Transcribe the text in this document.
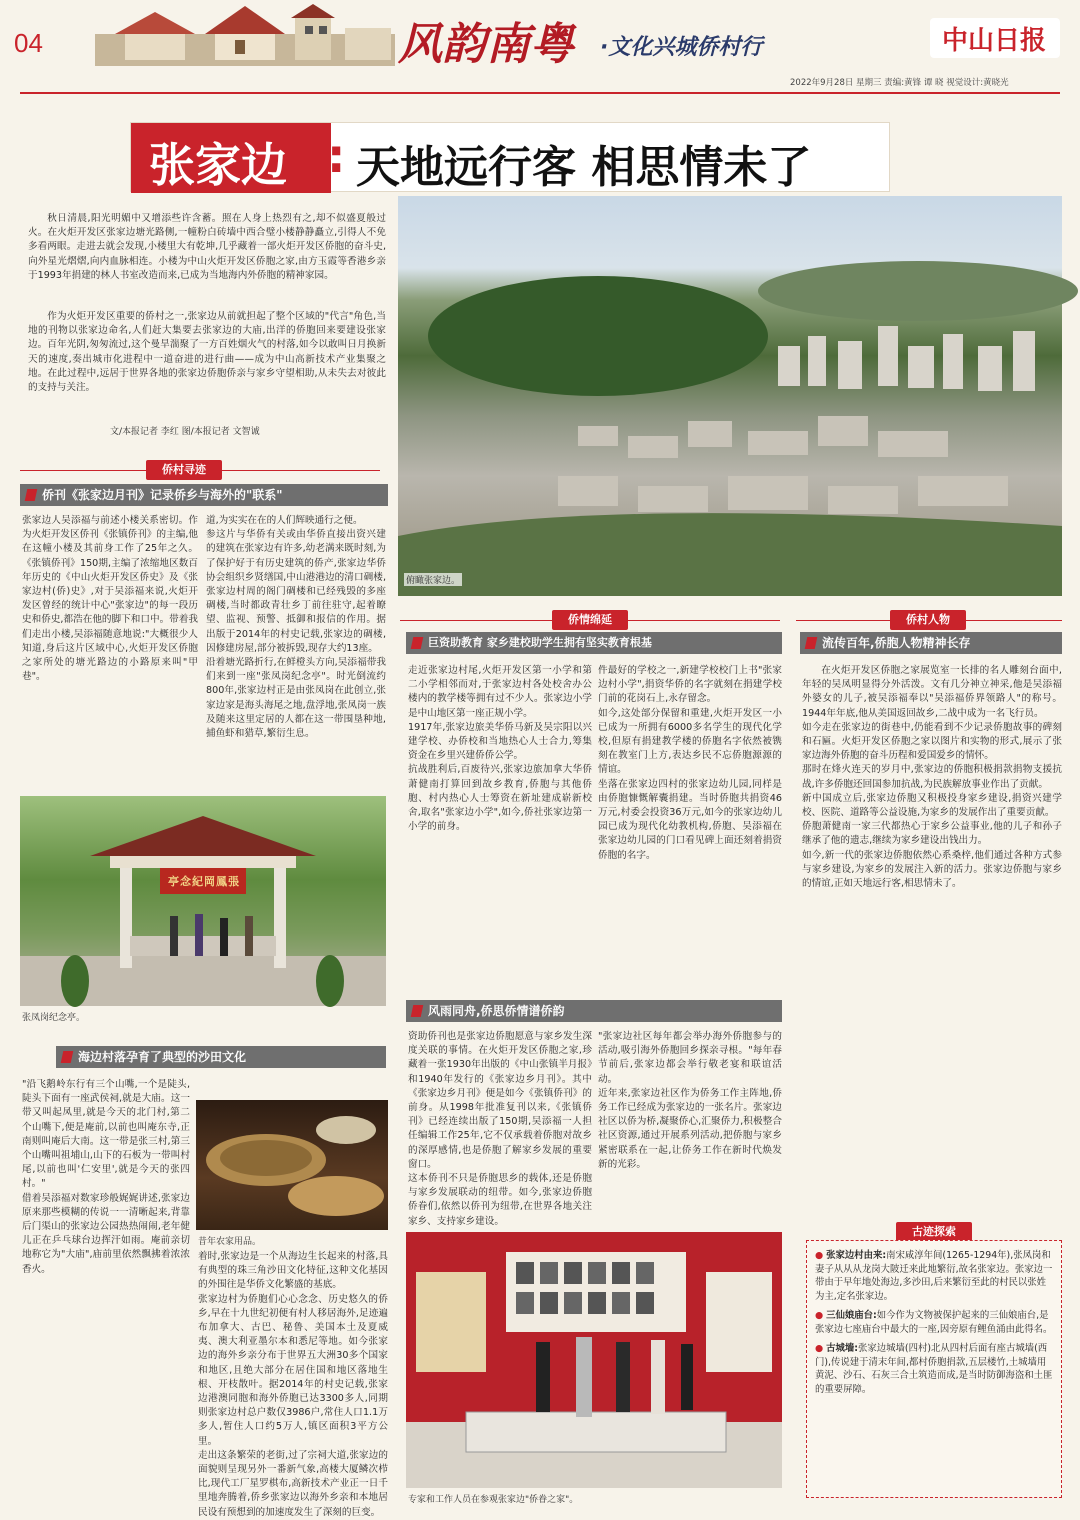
04	风韵南粤 ·文化兴城侨村行	中山日报
2022年9月28日 星期三 责编:黄锋 谭 晓 视觉设计:黄晓光
张家边 : 天地远行客 相思情未了
秋日清晨,阳光明媚中又增添些许含蓄。照在人身上热烈有之,却不似盛夏般过火。在火炬开发区张家边塘光路侧,一幢粉白砖墙中西合璧小楼静静矗立,引得人不免多看两眼。走进去就会发现,小楼里大有乾坤,几乎藏着一部火炬开发区侨胞的奋斗史,向外星光熠熠,向内血脉相连。小楼为中山火炬开发区侨胞之家,由方玉霞等香港乡亲于1993年捐建的林人书室改造而来,已成为当地海内外侨胞的精神家园。
作为火炬开发区重要的侨村之一,张家边从前就担起了整个区域的"代言"角色,当地的刊物以张家边命名,人们赶大集要去张家边的大庙,出洋的侨胞回来要建设张家边。百年光阴,匆匆流过,这个曼旱湍聚了一方百姓烟火气的村落,如今以敢叫日月换新天的速度,奏出城市化进程中一道奋进的进行曲——成为中山高新技术产业集聚之地。在此过程中,远居于世界各地的张家边侨胞侨亲与家乡守望相助,从未失去对彼此的支持与关注。
文/本报记者 李红 图/本报记者 文智诚
俯瞰张家边。
侨村寻迹
侨刊《张家边月刊》记录侨乡与海外的"联系"
张家边人吴添福与前述小楼关系密切。作为火炬开发区侨刊《张镇侨刊》的主编,他在这幢小楼及其前身工作了25年之久。《张镇侨刊》150期,主编了浓缩地区数百年历史的《中山火炬开发区侨史》及《张家边村(侨)史》,对于吴添福来说,火炬开发区曾经的统计中心"张家边"的每一段历史和侨史,都浩在他的脚下和口中。带着我们走出小楼,吴添福随意地说:"大概很少人知道,身后这片区域中心,火炬开发区侨胞之家所处的塘光路边的小路原来叫"甲巷"。
道,为实实在在的人们辉映通行之便。
参这片与华侨有关或由华侨直接出资兴建的建筑在张家边有许多,幼老满来既时刻,为了保护好于有历史建筑的侨产,张家边华侨协会组织乡贤缮国,中山港港边的清口碉楼,张家边村周的阁门碉楼和已经残毁的多座碉楼,当时都政青壮乡丁前往驻守,起着瞭望、监视、预警、抵御和报信的作用。据出版于2014年的村史记载,张家边的碉楼,因修建房屋,部分被拆毁,现存大约13座。
沿着塘光路折行,在鲜橙头方向,吴添福带我们来到一座"张凤岗纪念亭"。时光倒流约800年,张家边村正是由张凤岗在此创立,张家边家是海头海尾之地,盘浮地,张凤岗一族及随来这里定居的人都在这一带围垦种地,捕鱼虾和猎草,繁衍生息。
亭念紀岡鳳張
张凤岗纪念亭。
海边村落孕育了典型的沙田文化
"沿飞鹅岭东行有三个山嘴,一个是陡头,陡头下面有一座武侯祠,就是大庙。这一带又叫起凤里,就是今天的北门村,第二个山嘴下,便是庵前,以前也叫庵东寺,正南则叫庵后大南。这一带是张三村,第三个山嘴叫祖埔山,山下的石板为一带叫村尾,以前也叫'仁安里',就是今天的张四村。"
借着吴添福对数家珍般娓娓讲述,张家边原来那些模糊的传说一一清晰起来,背靠后门渠山的张家边公园热热闹闹,老年健儿正在乒乓球台边挥汗如雨。庵前亲切地称它为"大庙",庙前里依然飘拂着浓浓香火。
昔年农家用品。
着时,张家边是一个从海边生长起来的村落,具有典型的珠三角沙田文化特征,这种文化基因的外围往是华侨文化繁盛的基底。
张家边村为侨胞们心心念念、历史悠久的侨乡,早在十九世纪初便有村人移居海外,足迹遍布加拿大、古巴、秘鲁、美国本土及夏威夷、澳大利亚墨尔本和悉尼等地。如今张家边的海外乡亲分布于世界五大洲30多个国家和地区,且绝大部分在居住国和地区落地生根、开枝散叶。据2014年的村史记载,张家边港澳同胞和海外侨胞已达3300多人,同期则张家边村总户数仅3986户,常住人口1.1万多人,暂住人口约5万人,镇区面积3平方公里。
走出这条繁荣的老街,过了宗祠大道,张家边的面貌则呈现另外一番新气象,高楼大厦鳞次栉比,现代工厂星罗棋布,高新技术产业正一日千里地奔腾着,侨乡张家边以海外乡亲和本地居民设有预想到的加速度发生了深刻的巨变。
侨情绵延
巨资助教育 家乡建校助学生拥有坚实教育根基
走近张家边村尾,火炬开发区第一小学和第二小学相邻而对,于张家边村各处校舍办公楼内的教学楼等拥有过不少人。张家边小学是中山地区第一座正规小学。
1917年,张家边旅美华侨马新及吴宗阳以兴建学校、办侨校和当地热心人士合力,筹集资金在乡里兴建侨侨公学。
抗战胜利后,百废待兴,张家边旅加拿大华侨萧健南打算回到故乡教育,侨胞与其他侨胞、村内热心人士筹资在新址建成崭新校舍,取名"张家边小学",如今,侨社张家边第一小学的前身。
件最好的学校之一,新建学校校门上书"张家边村小学",捐资华侨的名字就刻在捐建学校门前的花岗石上,永存留念。
如今,这处部分保留和重建,火炬开发区一小已成为一所拥有6000多名学生的现代化学校,但原有捐建教学楼的侨胞名字依然被镌刻在教室门上方,表达乡民不忘侨胞源源的情谊。
坐落在张家边四村的张家边幼儿园,同样是由侨胞慷慨解囊捐建。当时侨胞共捐资46万元,村委会投资36万元,如今的张家边幼儿园已成为现代化幼教机构,侨胞、吴添福在张家边幼儿园的门口看见碑上面还刻着捐资侨胞的名字。
风雨同舟,侨思侨情谱侨韵
资助侨刊也是张家边侨胞愿意与家乡发生深度关联的事情。在火炬开发区侨胞之家,珍藏着一张1930年出版的《中山张镇半月报》和1940年发行的《张家边乡月刊》。其中《张家边乡月刊》便是如今《张镇侨刊》的前身。从1998年批准复刊以来,《张镇侨刊》已经连续出版了150期,吴添福一人担任编辑工作25年,它不仅承载着侨胞对故乡的深厚感情,也是侨胞了解家乡发展的重要窗口。
这本侨刊不只是侨胞思乡的载体,还是侨胞与家乡发展联动的纽带。如今,张家边侨胞侨眷们,依然以侨刊为纽带,在世界各地关注家乡、支持家乡建设。
"张家边社区每年都会举办海外侨胞参与的活动,吸引海外侨胞回乡探亲寻根。"每年春节前后,张家边都会举行敬老宴和联谊活动。
近年来,张家边社区作为侨务工作主阵地,侨务工作已经成为张家边的一张名片。张家边社区以侨为桥,凝聚侨心,汇聚侨力,积极整合社区资源,通过开展系列活动,把侨胞与家乡紧密联系在一起,让侨务工作在新时代焕发新的光彩。
专家和工作人员在参观张家边"侨眷之家"。
侨村人物
流传百年,侨胞人物精神长存
在火炬开发区侨胞之家展览室一长排的名人雕刻台面中,年轻的吴凤明显得分外活泼。文有几分神立神采,他是吴添福外婆女的儿子,被吴添福奉以"吴添福侨界领路人"的称号。1944年年底,他从美国返回故乡,二战中成为一名飞行员。
如今走在张家边的街巷中,仍能看到不少记录侨胞故事的碑刻和石匾。火炬开发区侨胞之家以图片和实物的形式,展示了张家边海外侨胞的奋斗历程和爱国爱乡的情怀。
那时在烽火连天的岁月中,张家边的侨胞积极捐款捐物支援抗战,许多侨胞还回国参加抗战,为民族解放事业作出了贡献。
新中国成立后,张家边侨胞又积极投身家乡建设,捐资兴建学校、医院、道路等公益设施,为家乡的发展作出了重要贡献。
侨胞萧健南一家三代都热心于家乡公益事业,他的儿子和孙子继承了他的遗志,继续为家乡建设出钱出力。
如今,新一代的张家边侨胞依然心系桑梓,他们通过各种方式参与家乡建设,为家乡的发展注入新的活力。张家边侨胞与家乡的情谊,正如天地远行客,相思情未了。
古迹探索
● 张家边村由来:南宋咸淳年间(1265-1294年),张凤岗和妻子从从从龙岗大陂迁来此地繁衍,故名张家边。张家边一带由于早年地处海边,多沙田,后来繁衍至此的村民以张姓为主,定名张家边。
● 三仙娘庙台:如今作为文物被保护起来的三仙娘庙台,是张家边七座庙台中最大的一座,因旁原有鲤鱼涌由此得名。
● 古城墙:张家边城墙(四村)北从四村后面有座古城墙(西门),传说建于清末年间,都村侨胞捐款,五层楼竹,土城墙用黄泥、沙石、石灰三合土筑造而成,是当时防御海盗和土匪的重要屏障。
